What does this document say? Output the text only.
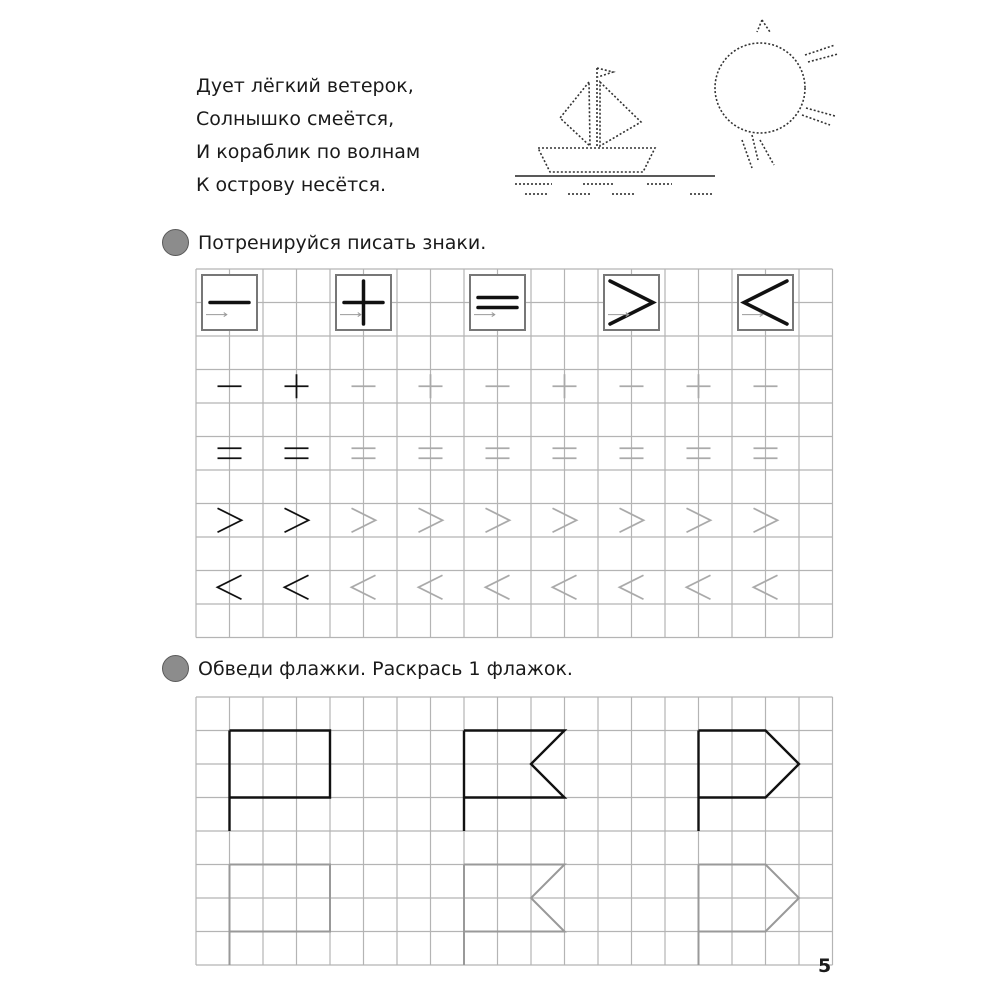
Дует лёгкий ветерок,
Солнышко смеётся,
И кораблик по волнам
К острову несётся.
Потренируйся писать знаки.
Обведи флажки. Раскрась 1 флажок.
5
